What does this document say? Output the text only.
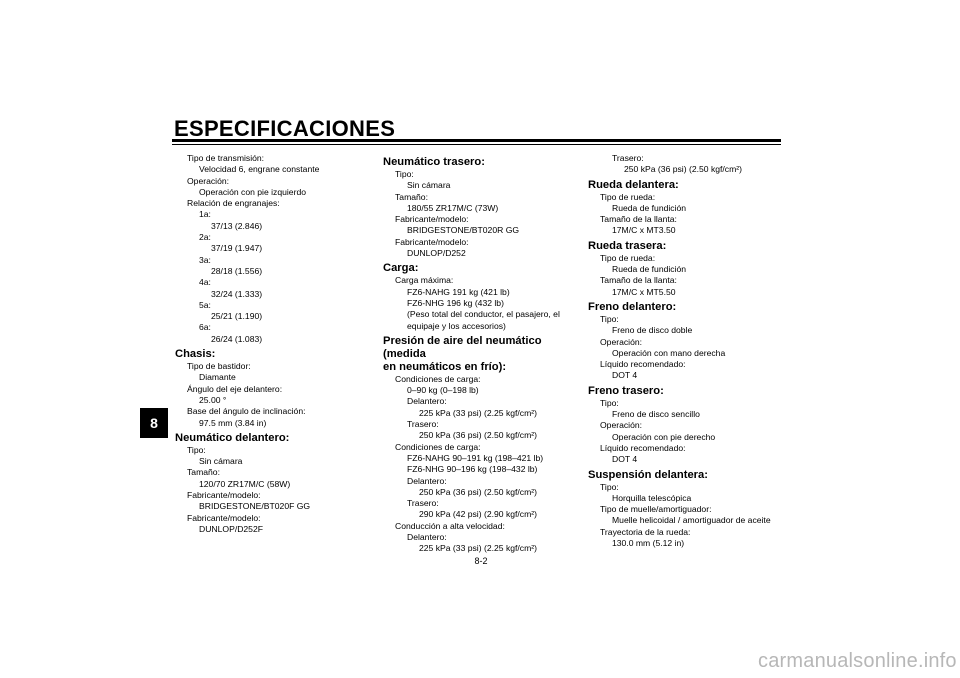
ESPECIFICACIONES
8
Tipo de transmisión:
Velocidad 6, engrane constante
Operación:
Operación con pie izquierdo
Relación de engranajes:
1a:
37/13 (2.846)
2a:
37/19 (1.947)
3a:
28/18 (1.556)
4a:
32/24 (1.333)
5a:
25/21 (1.190)
6a:
26/24 (1.083)
Chasis:
Tipo de bastidor:
Diamante
Ángulo del eje delantero:
25.00 °
Base del ángulo de inclinación:
97.5 mm (3.84 in)
Neumático delantero:
Tipo:
Sin cámara
Tamaño:
120/70 ZR17M/C (58W)
Fabricante/modelo:
BRIDGESTONE/BT020F GG
Fabricante/modelo:
DUNLOP/D252F
Neumático trasero:
Tipo:
Sin cámara
Tamaño:
180/55 ZR17M/C (73W)
Fabricante/modelo:
BRIDGESTONE/BT020R GG
Fabricante/modelo:
DUNLOP/D252
Carga:
Carga máxima:
FZ6-NAHG 191 kg (421 lb)
FZ6-NHG 196 kg (432 lb)
(Peso total del conductor, el pasajero, el
equipaje y los accesorios)
Presión de aire del neumático (medida
en neumáticos en frío):
Condiciones de carga:
0–90 kg (0–198 lb)
Delantero:
225 kPa (33 psi) (2.25 kgf/cm²)
Trasero:
250 kPa (36 psi) (2.50 kgf/cm²)
Condiciones de carga:
FZ6-NAHG 90–191 kg (198–421 lb)
FZ6-NHG 90–196 kg (198–432 lb)
Delantero:
250 kPa (36 psi) (2.50 kgf/cm²)
Trasero:
290 kPa (42 psi) (2.90 kgf/cm²)
Conducción a alta velocidad:
Delantero:
225 kPa (33 psi) (2.25 kgf/cm²)
Trasero:
250 kPa (36 psi) (2.50 kgf/cm²)
Rueda delantera:
Tipo de rueda:
Rueda de fundición
Tamaño de la llanta:
17M/C x MT3.50
Rueda trasera:
Tipo de rueda:
Rueda de fundición
Tamaño de la llanta:
17M/C x MT5.50
Freno delantero:
Tipo:
Freno de disco doble
Operación:
Operación con mano derecha
Líquido recomendado:
DOT 4
Freno trasero:
Tipo:
Freno de disco sencillo
Operación:
Operación con pie derecho
Líquido recomendado:
DOT 4
Suspensión delantera:
Tipo:
Horquilla telescópica
Tipo de muelle/amortiguador:
Muelle helicoidal / amortiguador de aceite
Trayectoria de la rueda:
130.0 mm (5.12 in)
8-2
carmanualsonline.info
